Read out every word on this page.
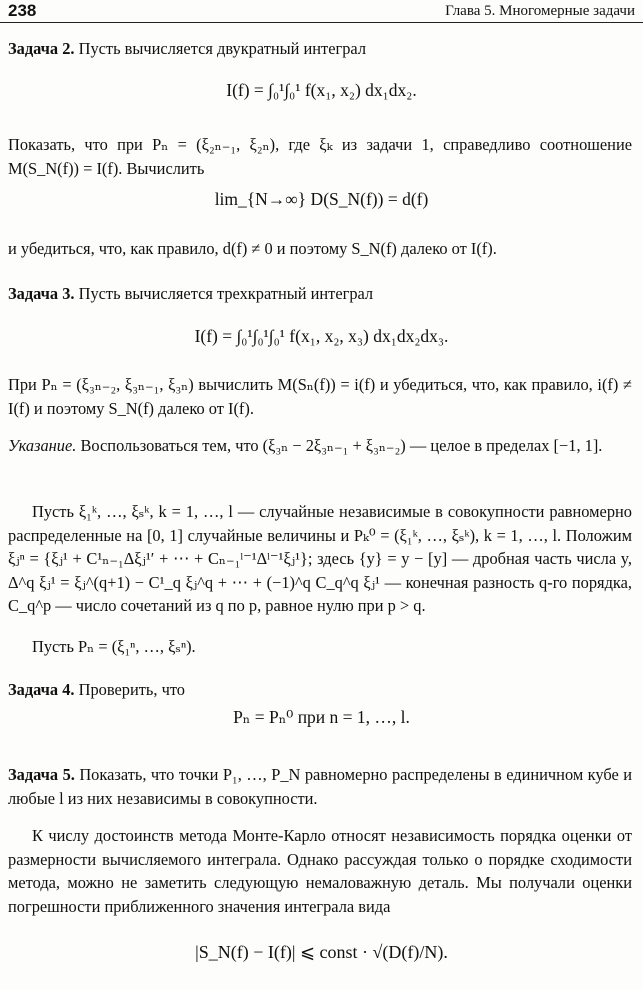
238	Глава 5. Многомерные задачи

Задача 2. Пусть вычисляется двукратный интеграл

I(f) = ∫₀¹∫₀¹ f(x₁, x₂) dx₁dx₂.

Показать, что при Pₙ = (ξ₂ₙ₋₁, ξ₂ₙ), где ξₖ из задачи 1, справедливо соотношение M(S_N(f)) = I(f). Вычислить

lim_{N→∞} D(S_N(f)) = d(f)

и убедиться, что, как правило, d(f) ≠ 0 и поэтому S_N(f) далеко от I(f).

Задача 3. Пусть вычисляется трехкратный интеграл

I(f) = ∫₀¹∫₀¹∫₀¹ f(x₁, x₂, x₃) dx₁dx₂dx₃.

При Pₙ = (ξ₃ₙ₋₂, ξ₃ₙ₋₁, ξ₃ₙ) вычислить M(Sₙ(f)) = i(f) и убедиться, что, как правило, i(f) ≠ I(f) и поэтому S_N(f) далеко от I(f).

Указание. Воспользоваться тем, что (ξ₃ₙ − 2ξ₃ₙ₋₁ + ξ₃ₙ₋₂) — целое в пределах [−1, 1].

Пусть ξ₁ᵏ, …, ξₛᵏ, k = 1, …, l — случайные независимые в совокупности равномерно распределенные на [0, 1] случайные величины и Pₖ⁰ = (ξ₁ᵏ, …, ξₛᵏ), k = 1, …, l. Положим ξⱼⁿ = {ξⱼ¹ + C¹ₙ₋₁Δξⱼ¹′ + ⋯ + Cₙ₋₁ˡ⁻¹Δˡ⁻¹ξⱼ¹}; здесь {y} = y − [y] — дробная часть числа y, Δ^q ξⱼ¹ = ξⱼ^(q+1) − C¹_q ξⱼ^q + ⋯ + (−1)^q C_q^q ξⱼ¹ — конечная разность q-го порядка, C_q^p — число сочетаний из q по p, равное нулю при p > q.

Пусть Pₙ = (ξ₁ⁿ, …, ξₛⁿ).

Задача 4. Проверить, что

Pₙ = Pₙ⁰ при n = 1, …, l.

Задача 5. Показать, что точки P₁, …, P_N равномерно распределены в единичном кубе и любые l из них независимы в совокупности.

К числу достоинств метода Монте-Карло относят независимость порядка оценки от размерности вычисляемого интеграла. Однако рассуждая только о порядке сходимости метода, можно не заметить следующую немаловажную деталь. Мы получали оценки погрешности приближенного значения интеграла вида

|S_N(f) − I(f)| ⩽ const · √(D(f)/N).
